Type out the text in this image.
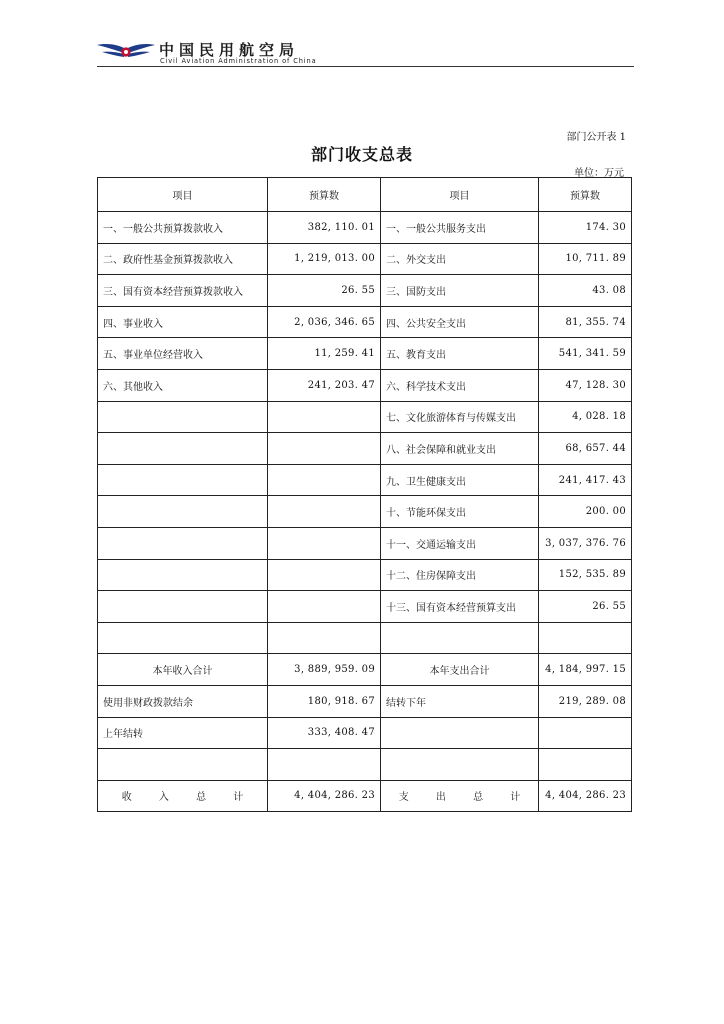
中国民用航空局
Civil Aviation Administration of China
部门公开表 1
部门收支总表
单位：万元
项目	预算数	项目	预算数
一、一般公共预算拨款收入	382, 110. 01	一、一般公共服务支出	174. 30
二、政府性基金预算拨款收入	1, 219, 013. 00	二、外交支出	10, 711. 89
三、国有资本经营预算拨款收入	26. 55	三、国防支出	43. 08
四、事业收入	2, 036, 346. 65	四、公共安全支出	81, 355. 74
五、事业单位经营收入	11, 259. 41	五、教育支出	541, 341. 59
六、其他收入	241, 203. 47	六、科学技术支出	47, 128. 30
		七、文化旅游体育与传媒支出	4, 028. 18
		八、社会保障和就业支出	68, 657. 44
		九、卫生健康支出	241, 417. 43
		十、节能环保支出	200. 00
		十一、交通运输支出	3, 037, 376. 76
		十二、住房保障支出	152, 535. 89
		十三、国有资本经营预算支出	26. 55

本年收入合计	3, 889, 959. 09	本年支出合计	4, 184, 997. 15
使用非财政拨款结余	180, 918. 67	结转下年	219, 289. 08
上年结转	333, 408. 47		

收 入 总 计	4, 404, 286. 23	支 出 总 计	4, 404, 286. 23
